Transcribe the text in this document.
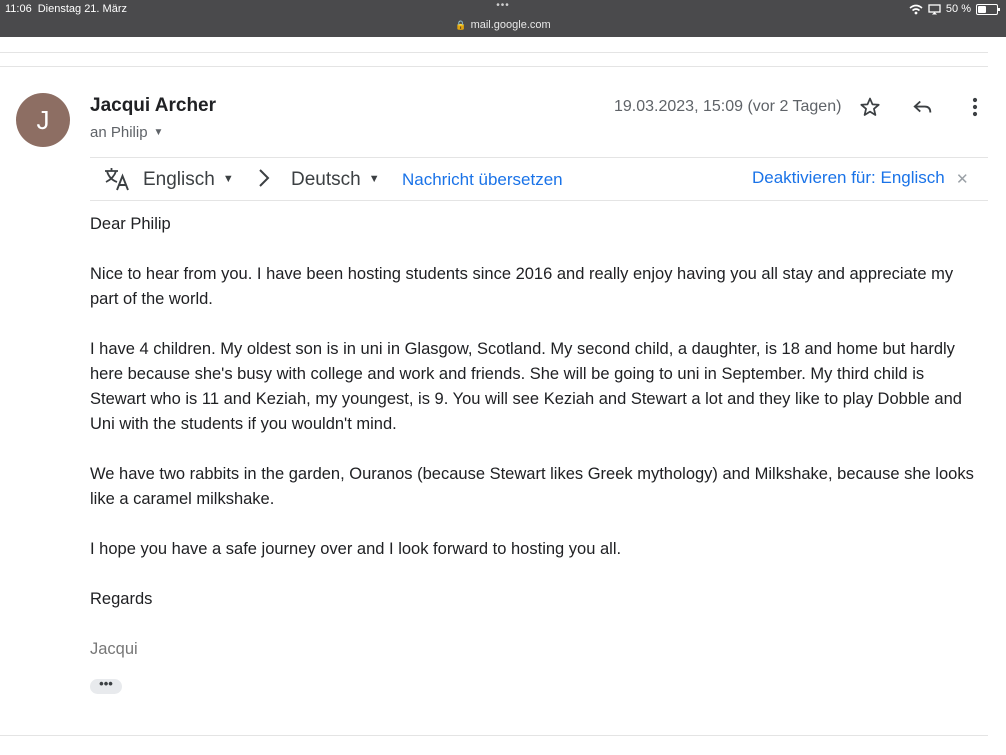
11:06 Dienstag 21. März	•••
🔒 mail.google.com
50 %
J	Jacqui Archer
an Philip ▼
19.03.2023, 15:09 (vor 2 Tagen)
Englisch ▼	Deutsch ▼ Nachricht übersetzen	Deaktivieren für: Englisch ✕

Dear Philip

Nice to hear from you. I have been hosting students since 2016 and really enjoy having you all stay and appreciate my part of the world.

I have 4 children. My oldest son is in uni in Glasgow, Scotland. My second child, a daughter, is 18 and home but hardly here because she's busy with college and work and friends. She will be going to uni in September. My third child is Stewart who is 11 and Keziah, my youngest, is 9. You will see Keziah and Stewart a lot and they like to play Dobble and Uni with the students if you wouldn't mind.

We have two rabbits in the garden, Ouranos (because Stewart likes Greek mythology) and Milkshake, because she looks like a caramel milkshake.

I hope you have a safe journey over and I look forward to hosting you all.

Regards

Jacqui

•••
